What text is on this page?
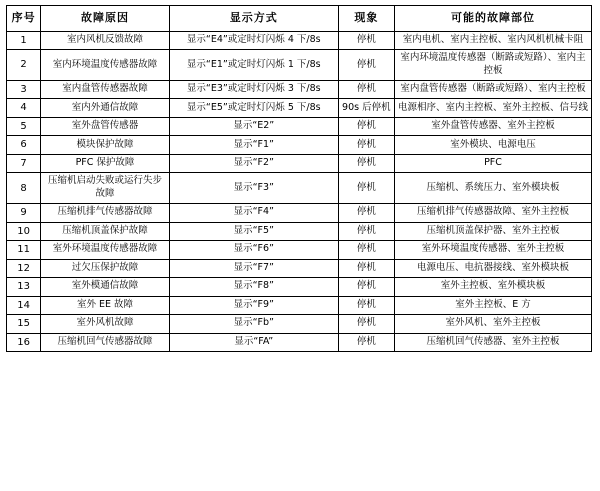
序号	故障原因	显示方式	现象	可能的故障部位
1	室内风机反馈故障	显示“E4”或定时灯闪烁 4 下/8s	停机	室内电机、室内主控板、室内风机机械卡阻
2	室内环境温度传感器故障	显示“E1”或定时灯闪烁 1 下/8s	停机	室内环境温度传感器（断路或短路）、室内主控板
3	室内盘管传感器故障	显示“E3”或定时灯闪烁 3 下/8s	停机	室内盘管传感器（断路或短路）、室内主控板
4	室内外通信故障	显示“E5”或定时灯闪烁 5 下/8s	90s 后停机	电源相序、室内主控板、室外主控板、信号线
5	室外盘管传感器	显示“E2”	停机	室外盘管传感器、室外主控板
6	模块保护故障	显示“F1”	停机	室外模块、电源电压
7	PFC 保护故障	显示“F2”	停机	PFC
8	压缩机启动失败或运行失步故障	显示“F3”	停机	压缩机、系统压力、室外模块板
9	压缩机排气传感器故障	显示“F4”	停机	压缩机排气传感器故障、室外主控板
10	压缩机顶盖保护故障	显示“F5”	停机	压缩机顶盖保护器、室外主控板
11	室外环境温度传感器故障	显示“F6”	停机	室外环境温度传感器、室外主控板
12	过欠压保护故障	显示“F7”	停机	电源电压、电抗器接线、室外模块板
13	室外模通信故障	显示“F8”	停机	室外主控板、室外模块板
14	室外 EE 故障	显示“F9”	停机	室外主控板、E 方
15	室外风机故障	显示“Fb”	停机	室外风机、室外主控板
16	压缩机回气传感器故障	显示“FA”	停机	压缩机回气传感器、室外主控板
